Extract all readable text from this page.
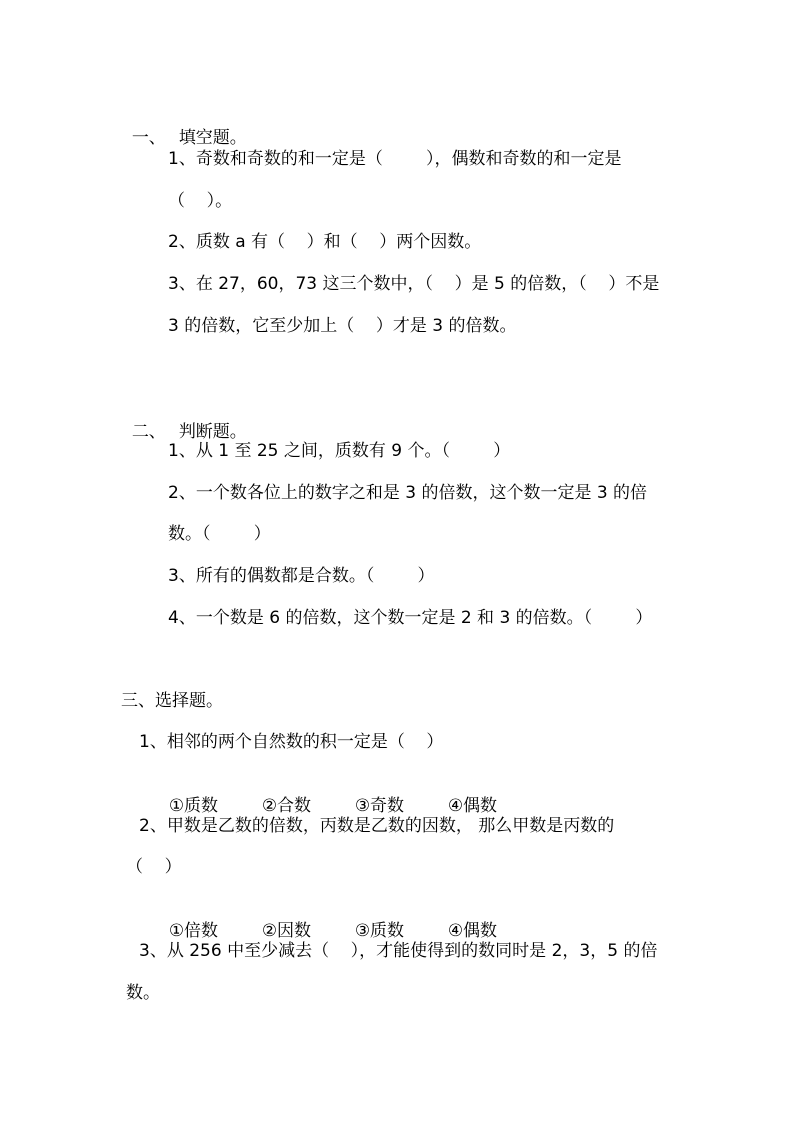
一、 填空题。

1、奇数和奇数的和一定是（        ），偶数和奇数的和一定是
（    ）。
2、质数 a 有（    ）和（    ）两个因数。
3、在 27，60，73 这三个数中，（    ）是 5 的倍数，（    ）不是
3 的倍数，它至少加上（    ）才是 3 的倍数。

二、 判断题。

1、从 1 至 25 之间，质数有 9 个。（        ）
2、一个数各位上的数字之和是 3 的倍数，这个数一定是 3 的倍
数。（        ）
3、所有的偶数都是合数。（        ）
4、一个数是 6 的倍数，这个数一定是 2 和 3 的倍数。（        ）
三、选择题。
1、相邻的两个自然数的积一定是（    ）

①质数	②合数	③奇数	④偶数

2、甲数是乙数的倍数，丙数是乙数的因数， 那么甲数是丙数的
（    ）

①倍数	②因数	③质数	④偶数

3、从 256 中至少减去（    ），才能使得到的数同时是 2，3，5 的倍
数。
